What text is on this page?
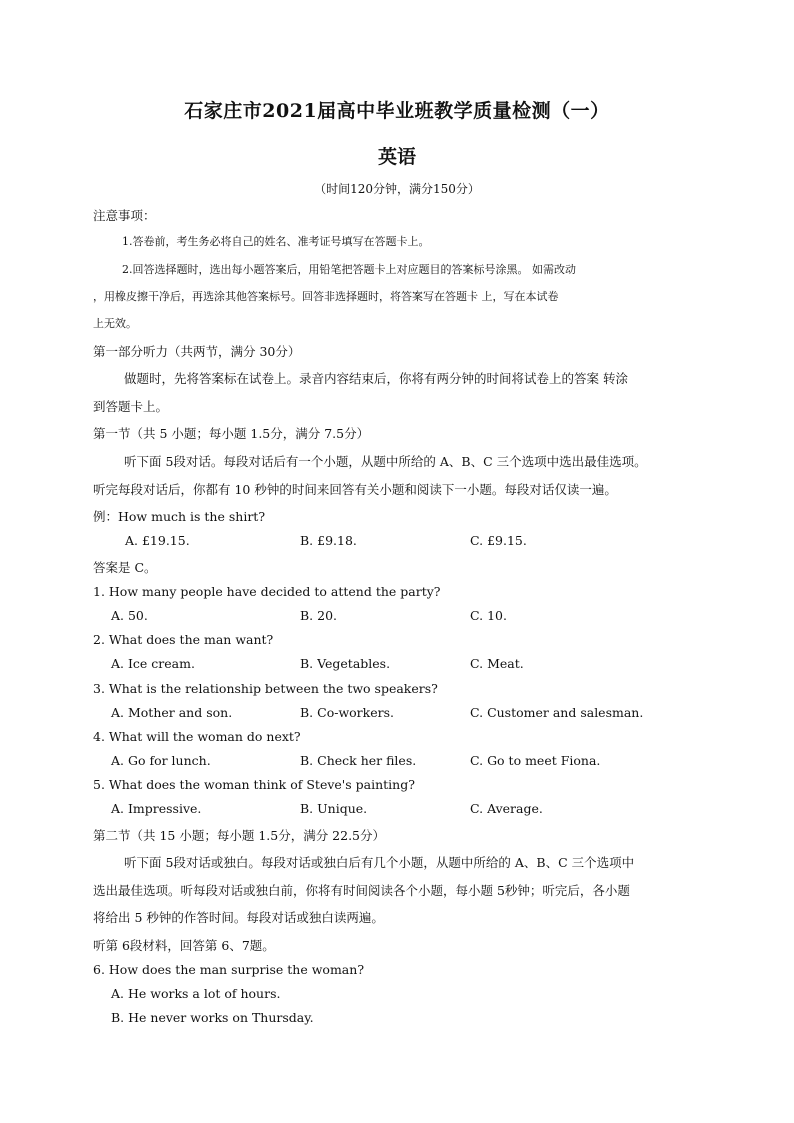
石家庄市2021届高中毕业班教学质量检测（一）
英语
（时间120分钟，满分150分）
注意事项：
1.答卷前，考生务必将自己的姓名、准考证号填写在答题卡上。
2.回答选择题时，选出每小题答案后，用铅笔把答题卡上对应题目的答案标号涂黑。 如需改动
，用橡皮擦干净后，再选涂其他答案标号。回答非选择题时，将答案写在答题卡 上，写在本试卷
上无效。
第一部分听力（共两节，满分 30分）
做题时，先将答案标在试卷上。录音内容结束后，你将有两分钟的时间将试卷上的答案 转涂
到答题卡上。
第一节（共 5 小题；每小题 1.5分，满分 7.5分）
听下面 5段对话。每段对话后有一个小题，从题中所给的 A、B、C 三个选项中选出最佳选项。
听完每段对话后，你都有 10 秒钟的时间来回答有关小题和阅读下一小题。每段对话仅读一遍。
例：How much is the shirt?
A. £19.15.	B. £9.18.	C. £9.15.
答案是 C。
1. How many people have decided to attend the party?
A. 50.	B. 20.	C. 10.
2. What does the man want?
A. Ice cream.	B. Vegetables.	C. Meat.
3. What is the relationship between the two speakers?
A. Mother and son.	B. Co-workers.	C. Customer and salesman.
4. What will the woman do next?
A. Go for lunch.	B. Check her files.	C. Go to meet Fiona.
5. What does the woman think of Steve's painting?
A. Impressive.	B. Unique.	C. Average.
第二节（共 15 小题；每小题 1.5分，满分 22.5分）
听下面 5段对话或独白。每段对话或独白后有几个小题，从题中所给的 A、B、C 三个选项中
选出最佳选项。听每段对话或独白前，你将有时间阅读各个小题，每小题 5秒钟；听完后，各小题
将给出 5 秒钟的作答时间。每段对话或独白读两遍。
听第 6段材料，回答第 6、7题。
6. How does the man surprise the woman?
A. He works a lot of hours.
B. He never works on Thursday.
